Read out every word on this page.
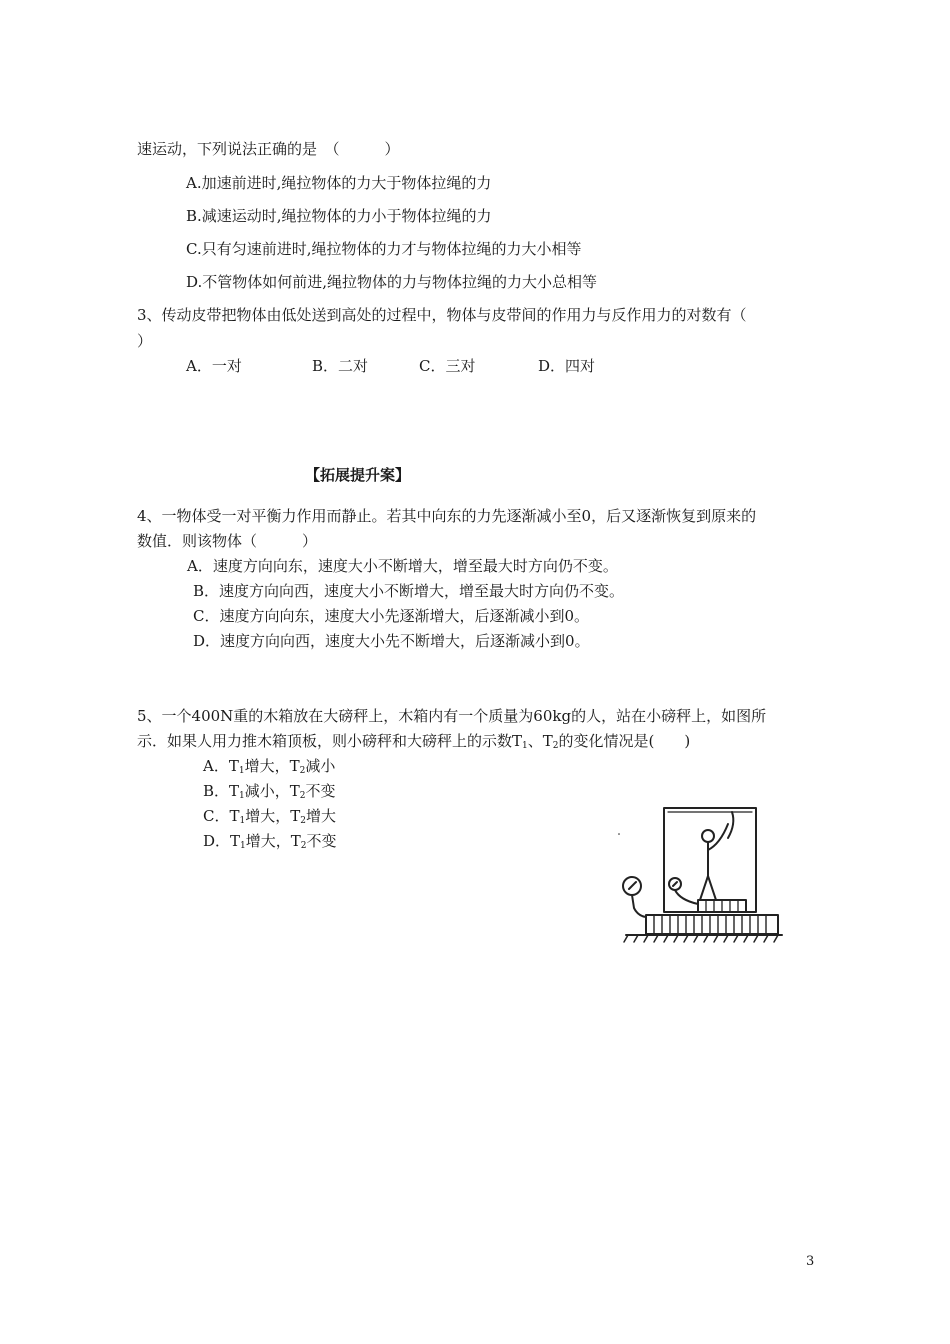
速运动，下列说法正确的是　（　　　）
A.加速前进时,绳拉物体的力大于物体拉绳的力
B.减速运动时,绳拉物体的力小于物体拉绳的力
C.只有匀速前进时,绳拉物体的力才与物体拉绳的力大小相等
D.不管物体如何前进,绳拉物体的力与物体拉绳的力大小总相等
3、传动皮带把物体由低处送到高处的过程中，物体与皮带间的作用力与反作用力的对数有（
）
A．一对	B．二对	C．三对	D．四对
【拓展提升案】
4、一物体受一对平衡力作用而静止。若其中向东的力先逐渐减小至0，后又逐渐恢复到原来的
数值．则该物体（　　　）
A．速度方向向东，速度大小不断增大，增至最大时方向仍不变。
B．速度方向向西，速度大小不断增大，增至最大时方向仍不变。
C．速度方向向东，速度大小先逐渐增大，后逐渐减小到0。
D．速度方向向西，速度大小先不断增大，后逐渐减小到0。
5、一个400N重的木箱放在大磅秤上，木箱内有一个质量为60kg的人，站在小磅秤上，如图所
示．如果人用力推木箱顶板，则小磅秤和大磅秤上的示数$T_1$、$T_2$的变化情况是(　　)
A．$T_1$增大，$T_2$减小
B．$T_1$减小，$T_2$不变
C．$T_1$增大，$T_2$增大
D．$T_1$增大，$T_2$不变
3
